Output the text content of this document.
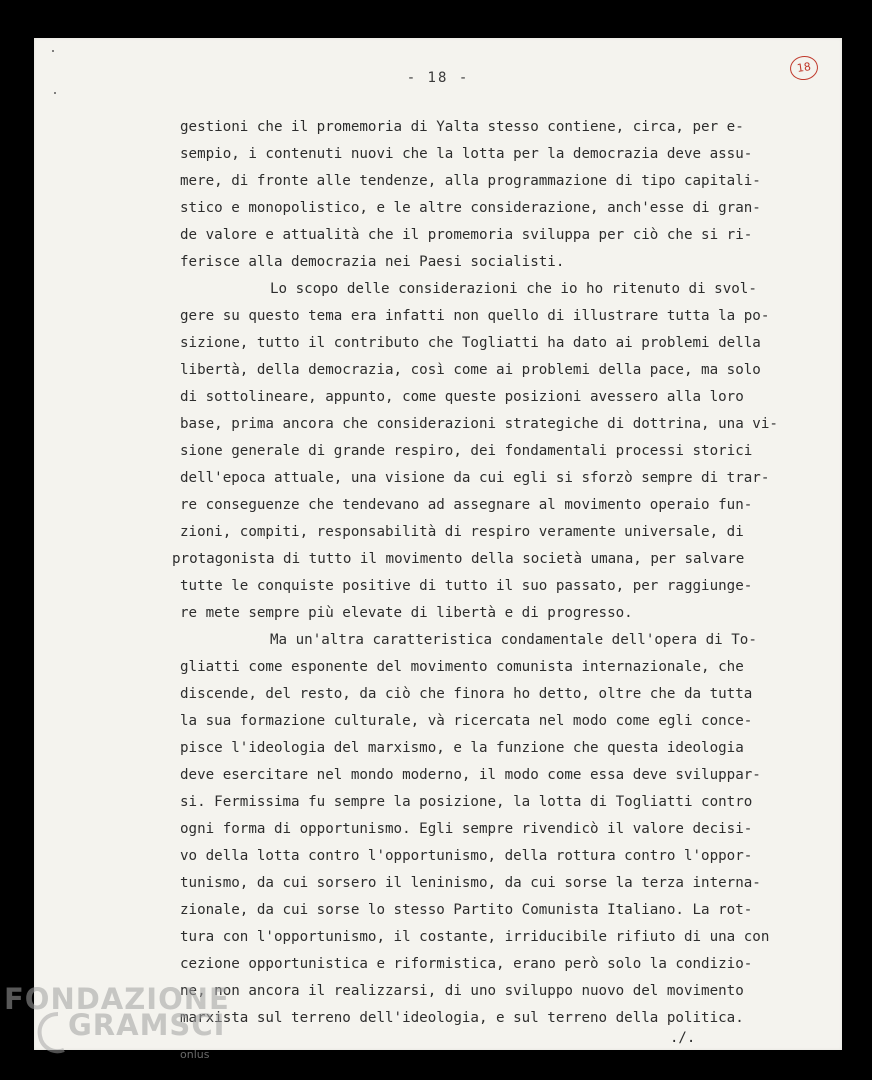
- 18 -
18
gestioni che il promemoria di Yalta stesso contiene, circa, per e-
sempio, i contenuti nuovi che la lotta per la democrazia deve assu-
mere, di fronte alle tendenze, alla programmazione di tipo capitali-
stico e monopolistico, e le altre considerazione, anch'esse di gran-
de valore e attualità che il promemoria sviluppa per ciò che si ri-
ferisce alla democrazia nei Paesi socialisti.
Lo scopo delle considerazioni che io ho ritenuto di svol-
gere su questo tema era infatti non quello di illustrare tutta la po-
sizione, tutto il contributo che Togliatti ha dato ai problemi della
libertà, della democrazia, così come ai problemi della pace, ma solo
di sottolineare, appunto, come queste posizioni avessero alla loro
base, prima ancora che considerazioni strategiche di dottrina, una vi-
sione generale di grande respiro, dei fondamentali processi storici
dell'epoca attuale, una visione da cui egli si sforzò sempre di trar-
re conseguenze che tendevano ad assegnare al movimento operaio fun-
zioni, compiti, responsabilità di respiro veramente universale, di
protagonista di tutto il movimento della società umana, per salvare
tutte le conquiste positive di tutto il suo passato, per raggiunge-
re mete sempre più elevate di libertà e di progresso.
Ma un'altra caratteristica condamentale dell'opera di To-
gliatti come esponente del movimento comunista internazionale, che
discende, del resto, da ciò che finora ho detto, oltre che da tutta
la sua formazione culturale, và ricercata nel modo come egli conce-
pisce l'ideologia del marxismo, e la funzione che questa ideologia
deve esercitare nel mondo moderno, il modo come essa deve sviluppar-
si. Fermissima fu sempre la posizione, la lotta di Togliatti contro
ogni forma di opportunismo. Egli sempre rivendicò il valore decisi-
vo della lotta contro l'opportunismo, della rottura contro l'oppor-
tunismo, da cui sorsero il leninismo, da cui sorse la terza interna-
zionale, da cui sorse lo stesso Partito Comunista Italiano. La rot-
tura con l'opportunismo, il costante, irriducibile rifiuto di una con
cezione opportunistica e riformistica, erano però solo la condizio-
ne, non ancora il realizzarsi, di uno sviluppo nuovo del movimento
marxista sul terreno dell'ideologia, e sul terreno della politica.
./.
FONDAZIONE
GRAMSCI
onlus
